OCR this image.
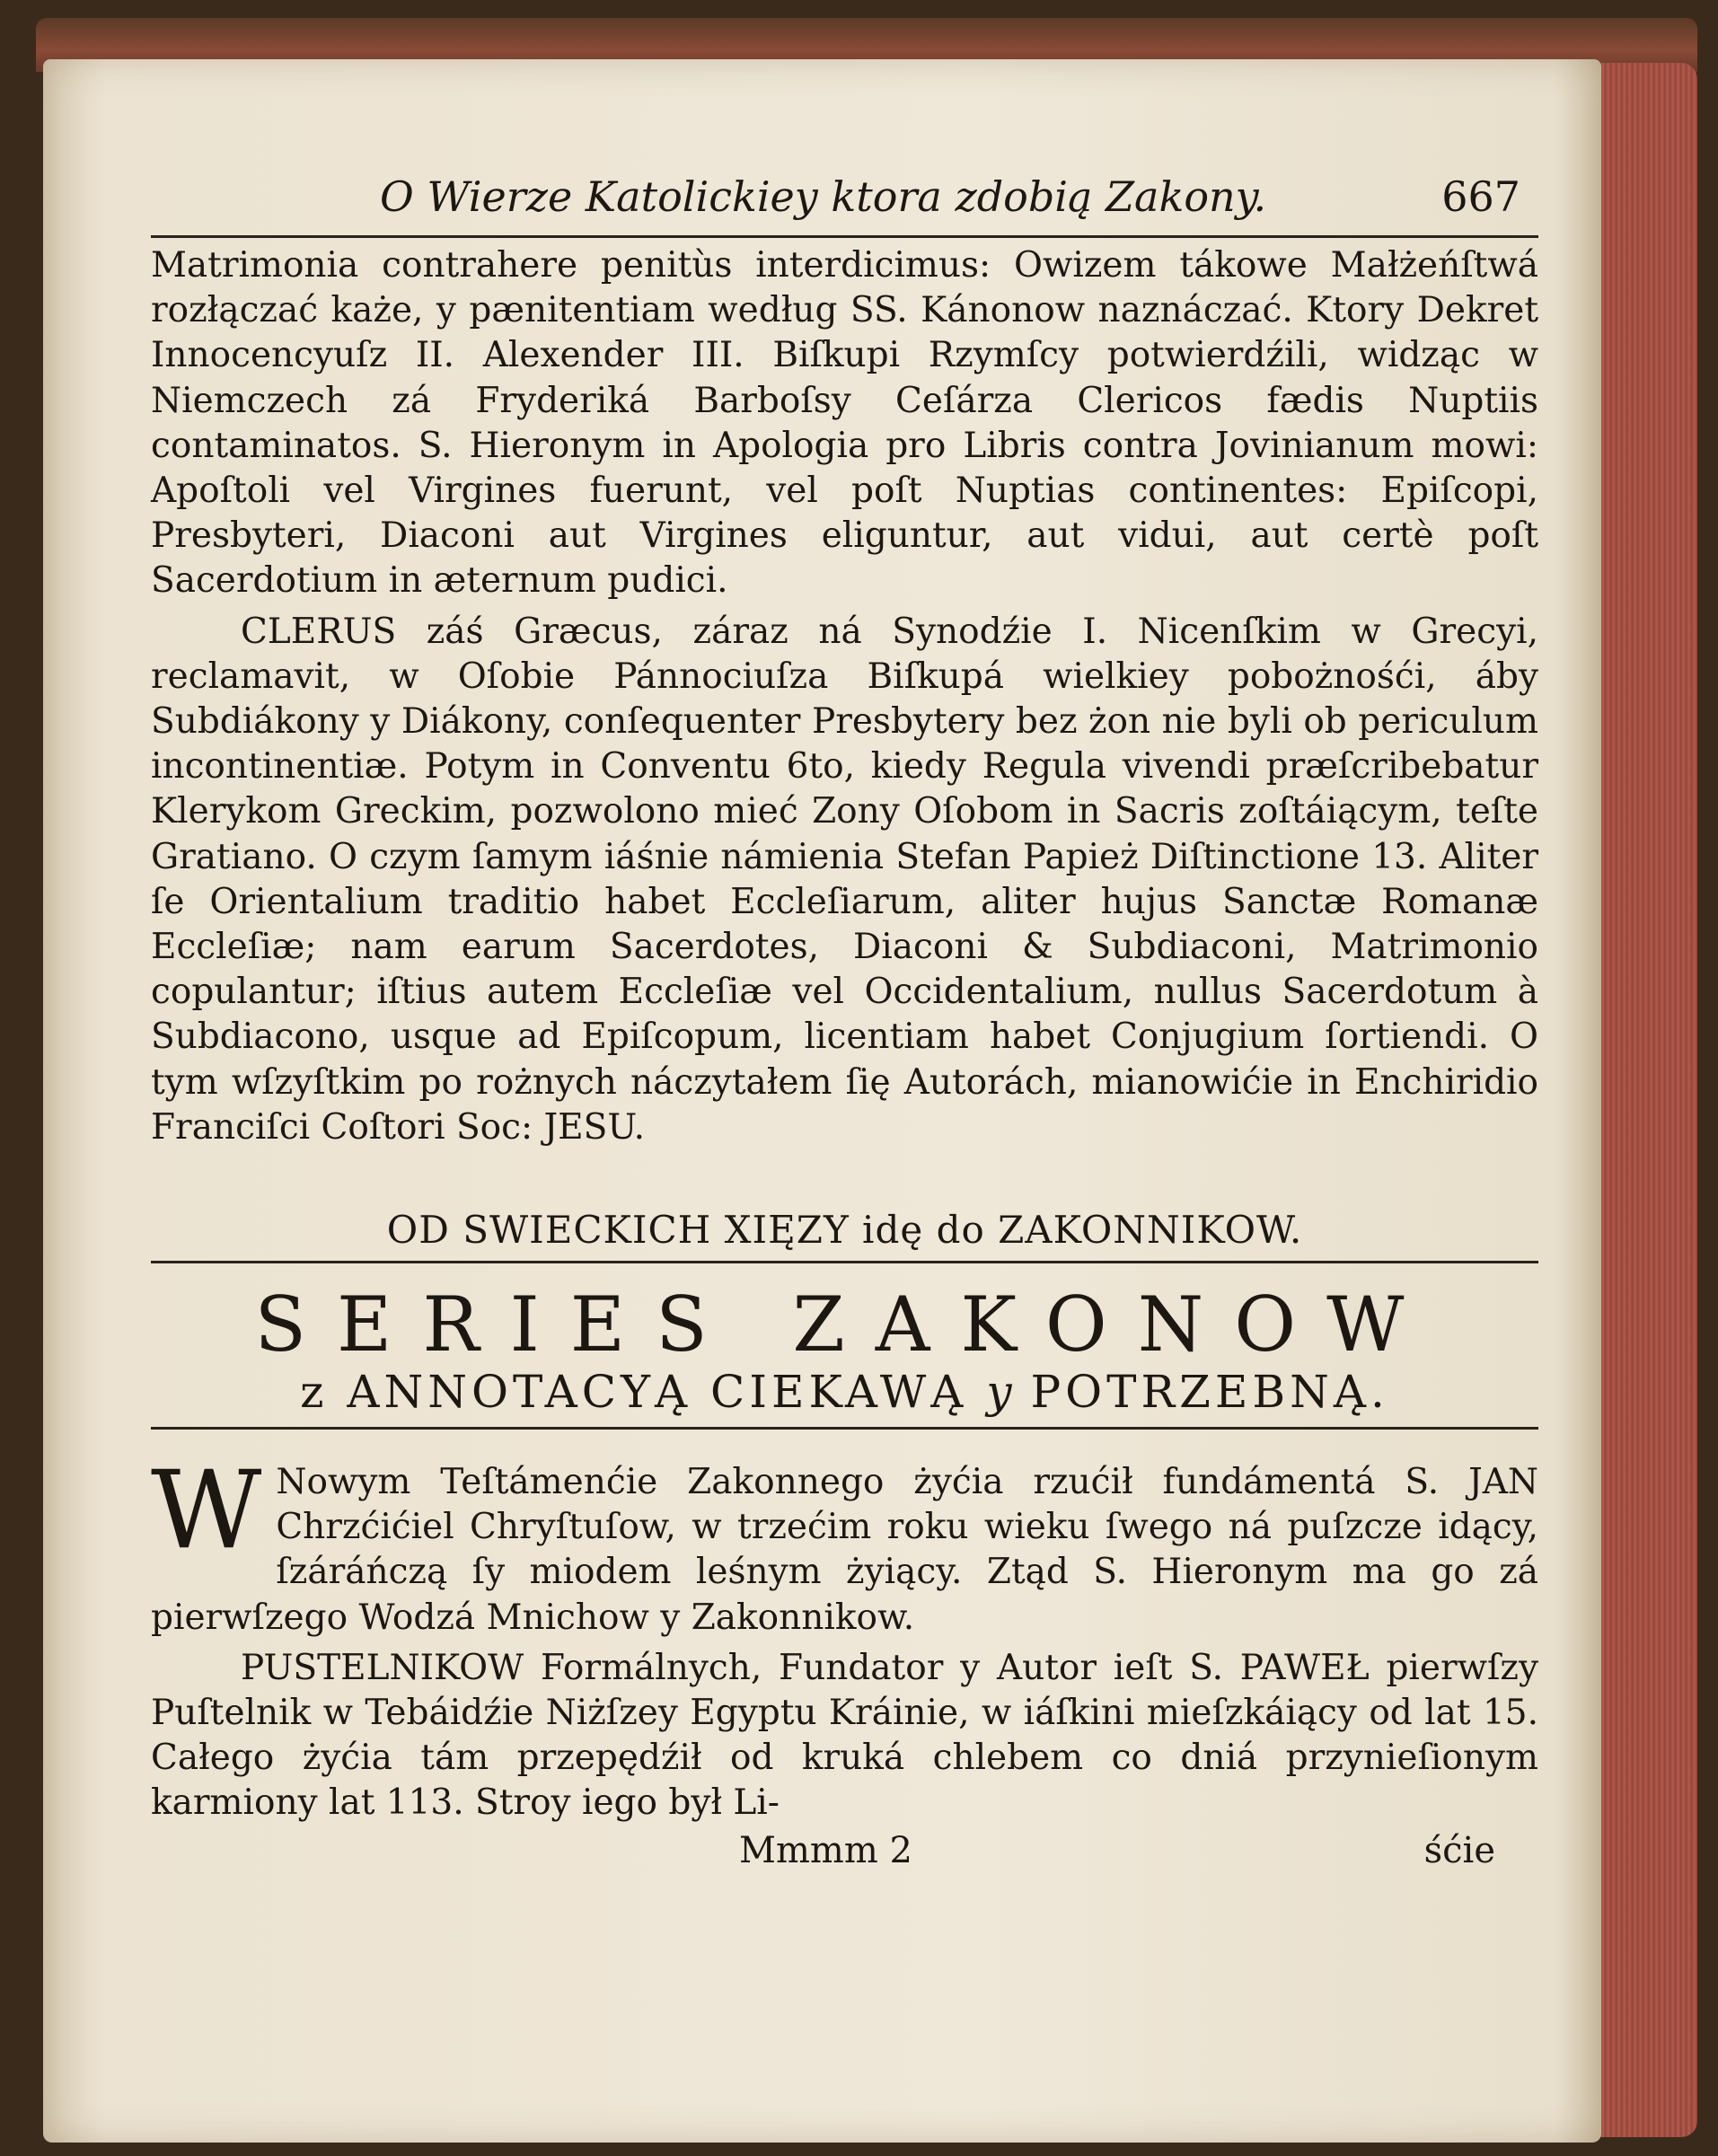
O Wierze Katolickiey ktora zdobią Zakony.	667

Matrimonia contrahere penitùs interdicimus: Owizem tákowe Małżeńſtwá rozłączać każe, y pænitentiam według SS. Kánonow naznáczać. Ktory Dekret Innocencyuſz II. Alexender III. Biſkupi Rzymſcy potwierdźili, widząc w Niemczech zá Fryderiká Barboſsy Ceſárza Clericos fædis Nuptiis contaminatos. S. Hieronym in Apologia pro Libris contra Jovinianum mowi: Apoſtoli vel Virgines fuerunt, vel poſt Nuptias continentes: Epiſcopi, Presbyteri, Diaconi aut Virgines eliguntur, aut vidui, aut certè poſt Sacerdotium in æternum pudici.

CLERUS záś Græcus, záraz ná Synodźie I. Nicenſkim w Grecyi, reclamavit, w Oſobie Pánnociuſza Biſkupá wielkiey pobożnośći, áby Subdiákony y Diákony, conſequenter Presbytery bez żon nie byli ob periculum incontinentiæ. Potym in Conventu 6to, kiedy Regula vivendi præſcribebatur Klerykom Greckim, pozwolono mieć Zony Oſobom in Sacris zoſtáiącym, teſte Gratiano. O czym ſamym iáśnie námienia Stefan Papież Diſtinctione 13. Aliter ſe Orientalium traditio habet Eccleſiarum, aliter hujus Sanctæ Romanæ Eccleſiæ; nam earum Sacerdotes, Diaconi & Subdiaconi, Matrimonio copulantur; iſtius autem Eccleſiæ vel Occidentalium, nullus Sacerdotum à Subdiacono, usque ad Epiſcopum, licentiam habet Conjugium ſortiendi. O tym wſzyſtkim po rożnych náczytałem ſię Autorách, mianowićie in Enchiridio Franciſci Coſtori Soc: JESU.

OD SWIECKICH XIĘZY idę do ZAKONNIKOW.
SERIES ZAKONOW
z ANNOTACYĄ CIEKAWĄ y POTRZEBNĄ.

W Nowym Teſtámenćie Zakonnego żyćia rzućił fundámentá S. JAN Chrzćićiel Chryſtuſow, w trzećim roku wieku ſwego ná puſzcze idący, ſzáráńczą ſy miodem leśnym żyiący. Ztąd S. Hieronym ma go zá pierwſzego Wodzá Mnichow y Zakonnikow.

PUSTELNIKOW Formálnych, Fundator y Autor ieſt S. PAWEŁ pierwſzy Puſtelnik w Tebáidźie Niżſzey Egyptu Kráinie, w iáſkini mieſzkáiący od lat 15. Całego żyćia tám przepędźił od kruká chlebem co dniá przynieſionym karmiony lat 113. Stroy iego był Li-

Mmmm 2	śćie
